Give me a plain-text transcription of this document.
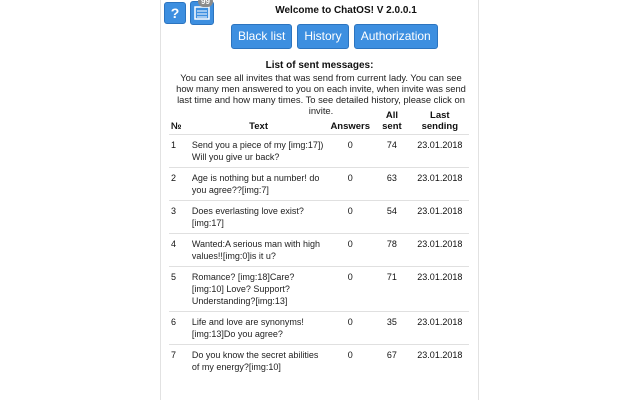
?
99
Welcome to ChatOS! V 2.0.0.1
Black list	History	Authorization
List of sent messages:
You can see all invites that was send from current lady. You can see how many men answered to you on each invite, when invite was send last time and how many times. To see detailed history, please click on invite.
№	Text	Answers	All sent	Last sending
1	Send you a piece of my [img:17]) Will you give ur back?	0	74	23.01.2018
2	Age is nothing but a number! do you agree??[img:7]	0	63	23.01.2018
3	Does everlasting love exist?[img:17]	0	54	23.01.2018
4	Wanted:A serious man with high values!![img:0]is it u?	0	78	23.01.2018
5	Romance? [img:18]Care?[img:10] Love? Support? Understanding?[img:13]	0	71	23.01.2018
6	Life and love are synonyms![img:13]Do you agree?	0	35	23.01.2018
7	Do you know the secret abilities of my energy?[img:10]	0	67	23.01.2018
